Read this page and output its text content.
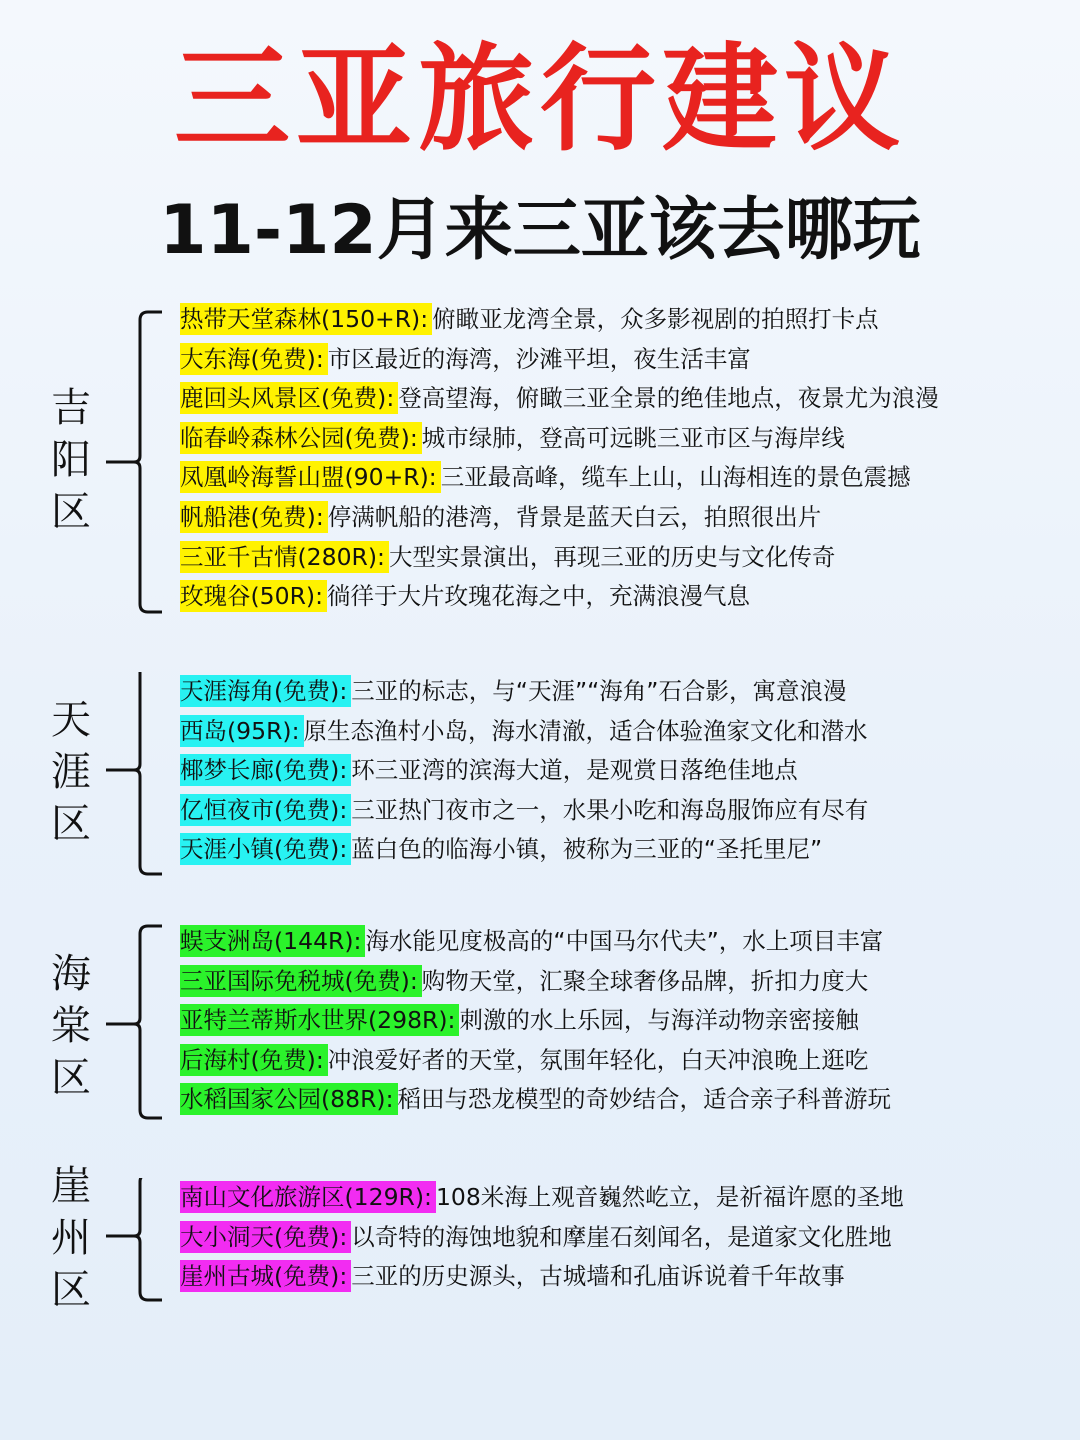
三亚旅行建议
11-12月来三亚该去哪玩
吉
阳
区
热带天堂森林(150+R): 俯瞰亚龙湾全景，众多影视剧的拍照打卡点
大东海(免费): 市区最近的海湾，沙滩平坦，夜生活丰富
鹿回头风景区(免费): 登高望海，俯瞰三亚全景的绝佳地点，夜景尤为浪漫
临春岭森林公园(免费): 城市绿肺，登高可远眺三亚市区与海岸线
凤凰岭海誓山盟(90+R): 三亚最高峰，缆车上山，山海相连的景色震撼
帆船港(免费): 停满帆船的港湾，背景是蓝天白云，拍照很出片
三亚千古情(280R): 大型实景演出，再现三亚的历史与文化传奇
玫瑰谷(50R): 徜徉于大片玫瑰花海之中，充满浪漫气息
天
涯
区
天涯海角(免费): 三亚的标志，与“天涯”“海角”石合影，寓意浪漫
西岛(95R): 原生态渔村小岛，海水清澈，适合体验渔家文化和潜水
椰梦长廊(免费): 环三亚湾的滨海大道，是观赏日落绝佳地点
亿恒夜市(免费): 三亚热门夜市之一，水果小吃和海岛服饰应有尽有
天涯小镇(免费): 蓝白色的临海小镇，被称为三亚的“圣托里尼”
海
棠
区
蜈支洲岛(144R): 海水能见度极高的“中国马尔代夫”，水上项目丰富
三亚国际免税城(免费): 购物天堂，汇聚全球奢侈品牌，折扣力度大
亚特兰蒂斯水世界(298R): 刺激的水上乐园，与海洋动物亲密接触
后海村(免费): 冲浪爱好者的天堂，氛围年轻化，白天冲浪晚上逛吃
水稻国家公园(88R): 稻田与恐龙模型的奇妙结合，适合亲子科普游玩
崖
州
区
南山文化旅游区(129R): 108米海上观音巍然屹立，是祈福许愿的圣地
大小洞天(免费): 以奇特的海蚀地貌和摩崖石刻闻名，是道家文化胜地
崖州古城(免费): 三亚的历史源头，古城墙和孔庙诉说着千年故事
